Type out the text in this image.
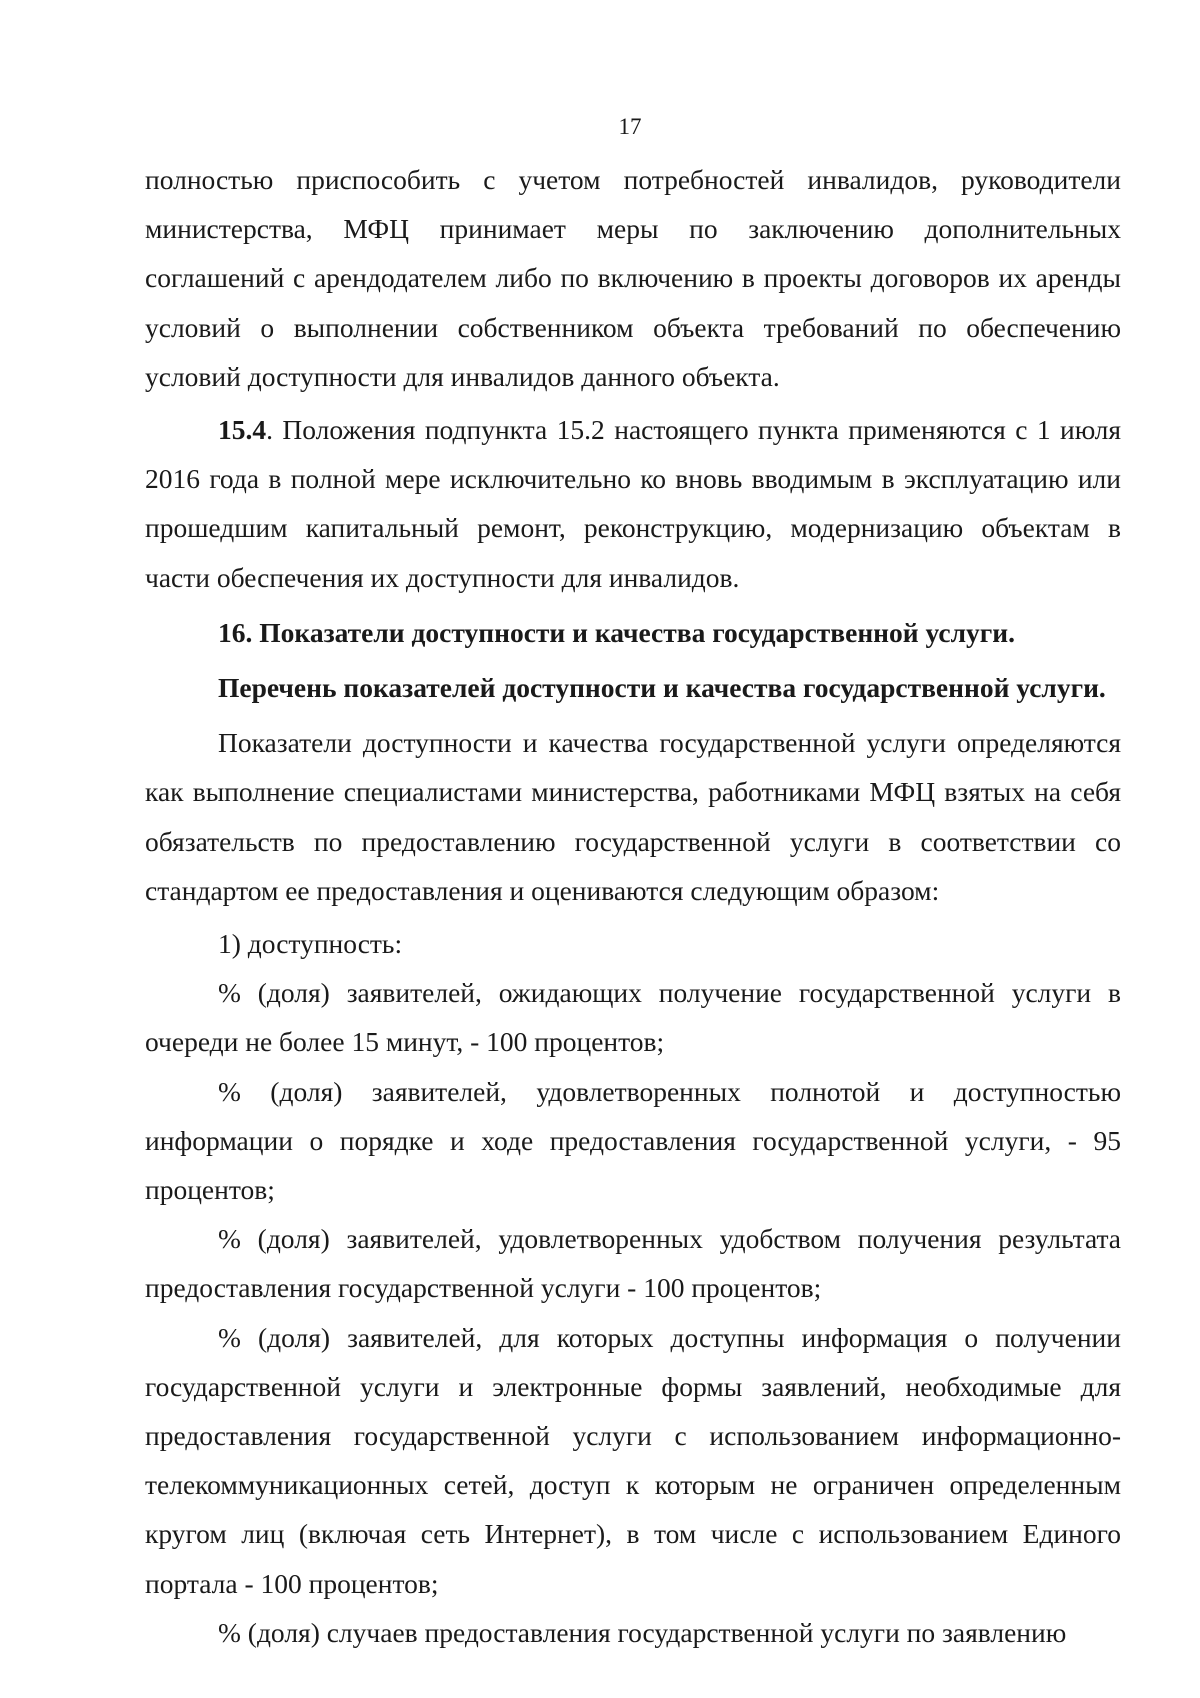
17

полностью приспособить с учетом потребностей инвалидов, руководители министерства, МФЦ принимает меры по заключению дополнительных соглашений с арендодателем либо по включению в проекты договоров их аренды условий о выполнении собственником объекта требований по обеспечению условий доступности для инвалидов данного объекта.

15.4. Положения подпункта 15.2 настоящего пункта применяются с 1 июля 2016 года в полной мере исключительно ко вновь вводимым в эксплуатацию или прошедшим капитальный ремонт, реконструкцию, модернизацию объектам в части обеспечения их доступности для инвалидов.

16. Показатели доступности и качества государственной услуги.

Перечень показателей доступности и качества государственной услуги.

Показатели доступности и качества государственной услуги определяются как выполнение специалистами министерства, работниками МФЦ взятых на себя обязательств по предоставлению государственной услуги в соответствии со стандартом ее предоставления и оцениваются следующим образом:

1) доступность:

% (доля) заявителей, ожидающих получение государственной услуги в очереди не более 15 минут, - 100 процентов;

% (доля) заявителей, удовлетворенных полнотой и доступностью информации о порядке и ходе предоставления государственной услуги, - 95 процентов;

% (доля) заявителей, удовлетворенных удобством получения результата предоставления государственной услуги - 100 процентов;

% (доля) заявителей, для которых доступны информация о получении государственной услуги и электронные формы заявлений, необходимые для предоставления государственной услуги с использованием информационно-телекоммуникационных сетей, доступ к которым не ограничен определенным кругом лиц (включая сеть Интернет), в том числе с использованием Единого портала - 100 процентов;

% (доля) случаев предоставления государственной услуги по заявлению
